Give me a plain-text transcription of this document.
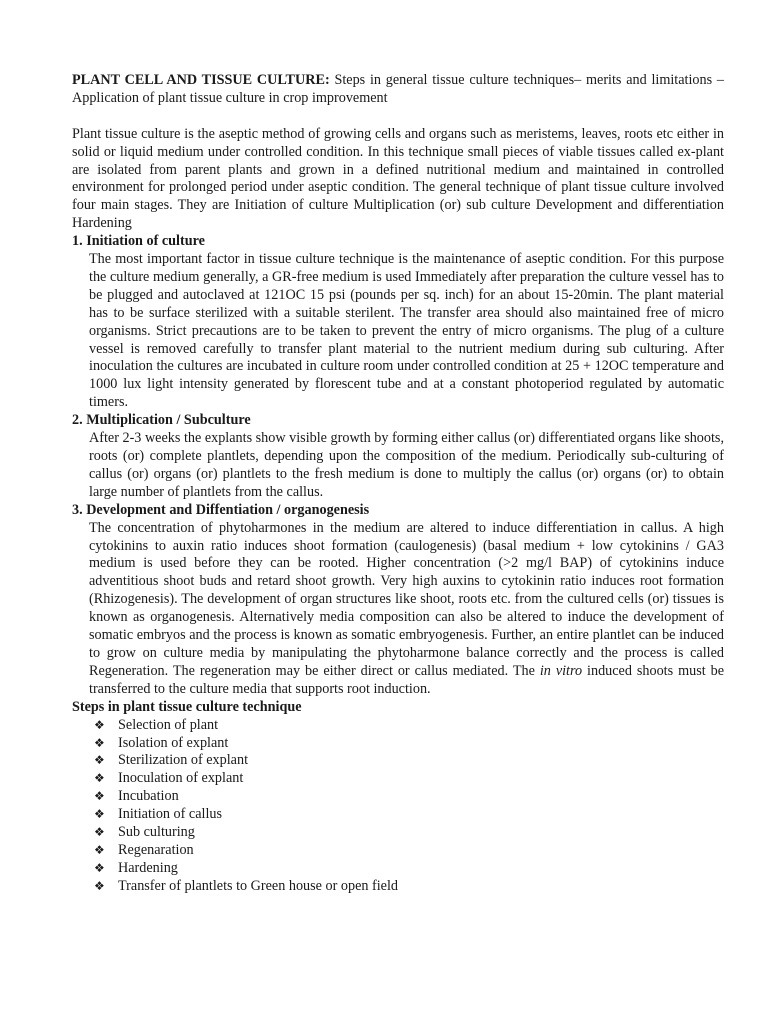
PLANT CELL AND TISSUE CULTURE: Steps in general tissue culture techniques– merits and limitations – Application of plant tissue culture in crop improvement

Plant tissue culture is the aseptic method of growing cells and organs such as meristems, leaves, roots etc either in solid or liquid medium under controlled condition. In this technique small pieces of viable tissues called ex-plant are isolated from parent plants and grown in a defined nutritional medium and maintained in controlled environment for prolonged period under aseptic condition. The general technique of plant tissue culture involved four main stages. They are Initiation of culture Multiplication (or) sub culture Development and differentiation Hardening

1. Initiation of culture

The most important factor in tissue culture technique is the maintenance of aseptic condition. For this purpose the culture medium generally, a GR-free medium is used Immediately after preparation the culture vessel has to be plugged and autoclaved at 121OC 15 psi (pounds per sq. inch) for an about 15-20min. The plant material has to be surface sterilized with a suitable sterilent. The transfer area should also maintained free of micro organisms. Strict precautions are to be taken to prevent the entry of micro organisms. The plug of a culture vessel is removed carefully to transfer plant material to the nutrient medium during sub culturing. After inoculation the cultures are incubated in culture room under controlled condition at 25 + 12OC temperature and 1000 lux light intensity generated by florescent tube and at a constant photoperiod regulated by automatic timers.

2. Multiplication / Subculture

After 2-3 weeks the explants show visible growth by forming either callus (or) differentiated organs like shoots, roots (or) complete plantlets, depending upon the composition of the medium. Periodically sub-culturing of callus (or) organs (or) plantlets to the fresh medium is done to multiply the callus (or) organs (or) to obtain large number of plantlets from the callus.

3. Development and Diffentiation / organogenesis

The concentration of phytoharmones in the medium are altered to induce differentiation in callus. A high cytokinins to auxin ratio induces shoot formation (caulogenesis) (basal medium + low cytokinins / GA3 medium is used before they can be rooted. Higher concentration (>2 mg/l BAP) of cytokinins induce adventitious shoot buds and retard shoot growth. Very high auxins to cytokinin ratio induces root formation (Rhizogenesis). The development of organ structures like shoot, roots etc. from the cultured cells (or) tissues is known as organogenesis. Alternatively media composition can also be altered to induce the development of somatic embryos and the process is known as somatic embryogenesis. Further, an entire plantlet can be induced to grow on culture media by manipulating the phytoharmone balance correctly and the process is called Regeneration. The regeneration may be either direct or callus mediated. The in vitro induced shoots must be transferred to the culture media that supports root induction.

Steps in plant tissue culture technique

❖ Selection of plant
❖ Isolation of explant
❖ Sterilization of explant
❖ Inoculation of explant
❖ Incubation
❖ Initiation of callus
❖ Sub culturing
❖ Regenaration
❖ Hardening
❖ Transfer of plantlets to Green house or open field
